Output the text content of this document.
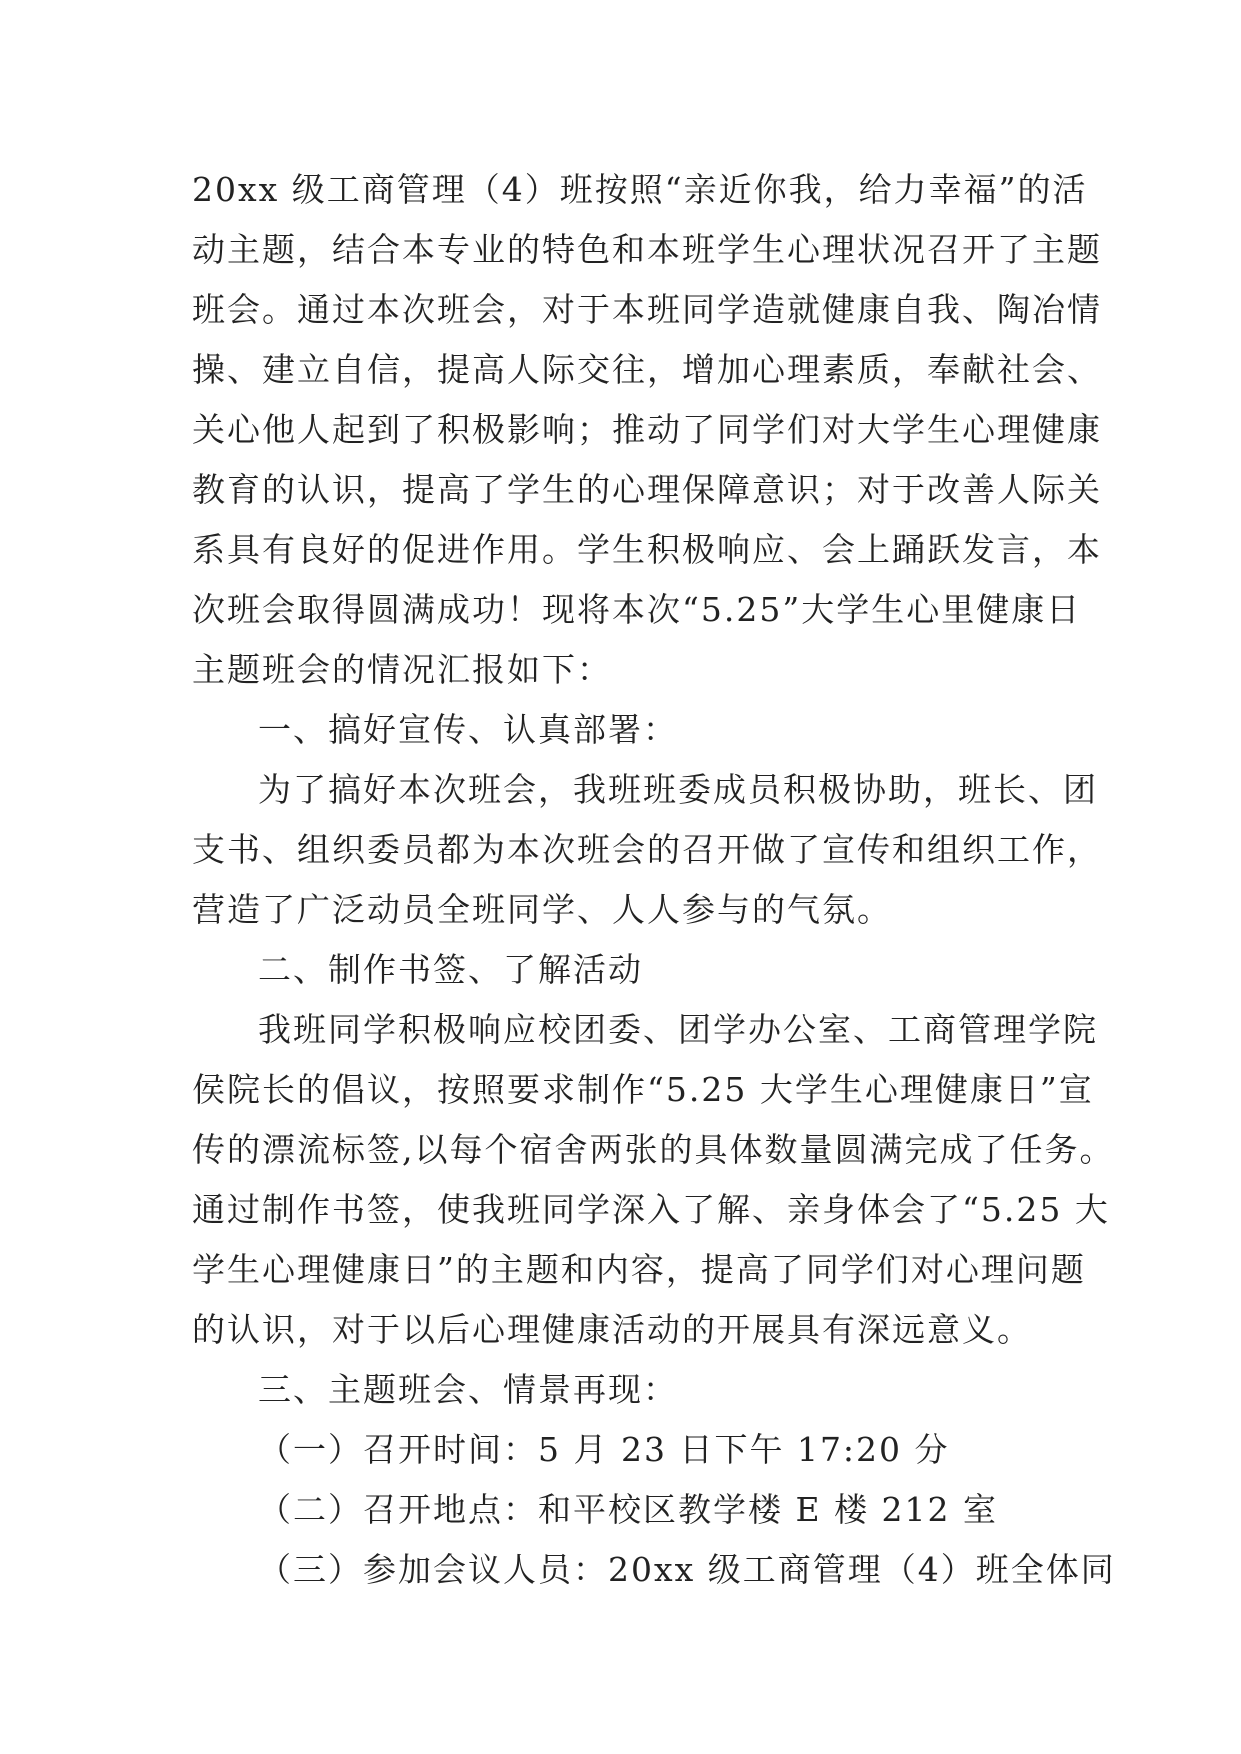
20xx 级工商管理（4）班按照“亲近你我，给力幸福”的活
动主题，结合本专业的特色和本班学生心理状况召开了主题
班会。通过本次班会，对于本班同学造就健康自我、陶冶情
操、建立自信，提高人际交往，增加心理素质，奉献社会、
关心他人起到了积极影响；推动了同学们对大学生心理健康
教育的认识，提高了学生的心理保障意识；对于改善人际关
系具有良好的促进作用。学生积极响应、会上踊跃发言，本
次班会取得圆满成功！现将本次“5.25”大学生心里健康日
主题班会的情况汇报如下：

一、搞好宣传、认真部署：

为了搞好本次班会，我班班委成员积极协助，班长、团
支书、组织委员都为本次班会的召开做了宣传和组织工作，
营造了广泛动员全班同学、人人参与的气氛。

二、制作书签、了解活动

我班同学积极响应校团委、团学办公室、工商管理学院
侯院长的倡议，按照要求制作“5.25 大学生心理健康日”宣
传的漂流标签,以每个宿舍两张的具体数量圆满完成了任务。
通过制作书签，使我班同学深入了解、亲身体会了“5.25 大
学生心理健康日”的主题和内容，提高了同学们对心理问题
的认识，对于以后心理健康活动的开展具有深远意义。

三、主题班会、情景再现：

（一）召开时间：5 月 23 日下午 17:20 分

（二）召开地点：和平校区教学楼 E 楼 212 室

（三）参加会议人员：20xx 级工商管理（4）班全体同
